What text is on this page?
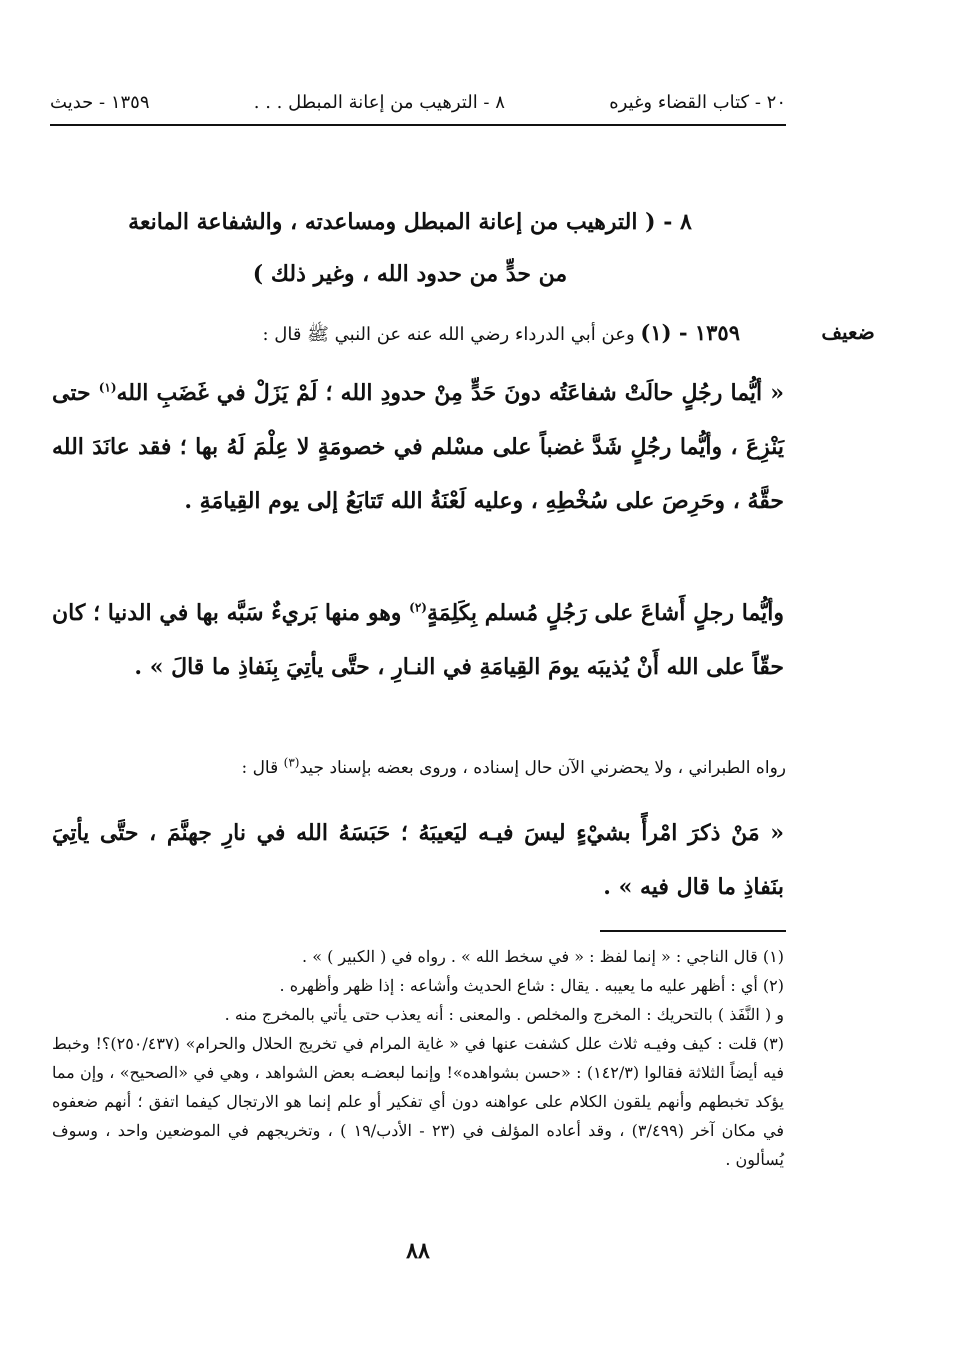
٢٠ - كتاب القضاء وغيره
٨ - الترهيب من إعانة المبطل . . .
١٣٥٩ - حديث
٨ - ( الترهيب من إعانة المبطل ومساعدته ، والشفاعة المانعة
من حدٍّ من حدود الله ، وغير ذلك )
ضعيف
١٣٥٩ - (١) وعن أبي الدرداء رضي الله عنه عن النبي ﷺ قال :
« أيُّما رجُلٍ حالَتْ شفاعَتُه دونَ حَدٍّ مِنْ حدودِ الله ؛ لَمْ يَزَلْ في غَضَبِ الله$^{(١)}$ حتى يَنْزِعَ ، وأيُّما رجُلٍ شَدَّ غضباً على مسْلم في خصومَةٍ لا عِلْمَ لَهُ بها ؛ فقد عانَدَ الله حقَّهُ ، وحَرِصَ على سُخْطِهِ ، وعليه لَعْنَةُ الله تَتابَعُ إلى يوم القِيامَةِ .
وأيُّما رجلٍ أَشاعَ على رَجُلٍ مُسلم بِكَلِمَةٍ$^{(٢)}$ وهو منها بَريءٌ سَبَّه بها في الدنيا ؛ كان حقّاً على الله أَنْ يُذيبَه يومَ القِيامَةِ في النـارِ ، حتَّى يأتِيَ بِنَفاذِ ما قالَ » .
رواه الطبراني ، ولا يحضرني الآن حال إسناده ، وروى بعضه بإسناد جيد$^{(٣)}$ قال :
« مَنْ ذكرَ امْرأً بشيْءٍ ليسَ فيـه ليَعيبَهُ ؛ حَبَسَهُ الله في نارِ جهنَّمَ ، حتَّى يأتِيَ بنَفاذِ ما قال فيه » .
(١) قال الناجي : « إنما لفظ : « في سخط الله » . رواه في ( الكبير ) » .
(٢) أي : أظهر عليه ما يعيبه . يقال : شاع الحديث وأشاعه : إذا ظهر وأظهره .
و ( النَّفَذ ) بالتحريك : المخرج والمخلص . والمعنى : أنه يعذب حتى يأتي بالمخرج منه .
(٣) قلت : كيف وفيـه ثلاث علل كشفت عنها في « غاية المرام في تخريج الحلال والحرام» (٢٥٠/٤٣٧)؟! وخبط فيه أيضاً الثلاثة فقالوا (١٤٢/٣) : «حسن بشواهده»! وإنما لبعضـه بعض الشواهد ، وهي في «الصحيح» ، وإن مما يؤكد تخبطهم وأنهم يلقون الكلام على عواهنه دون أي تفكير أو علم إنما هو الارتجال كيفما اتفق ؛ أنهم ضعفوه في مكان آخر (٣/٤٩٩) ، وقد أعاده المؤلف في (٢٣ - الأدب/١٩ ) ، وتخريجهم في الموضعين واحد ، وسوف يُسألون .
٨٨
